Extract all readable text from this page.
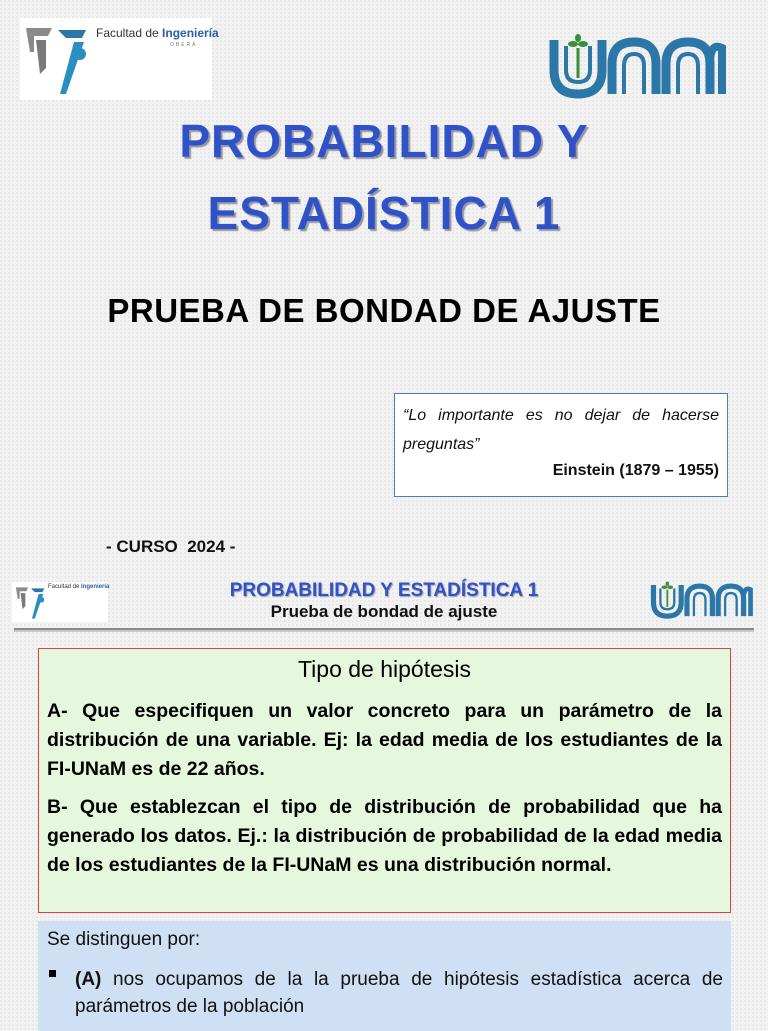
Facultad de Ingeniería
OBERÁ
PROBABILIDAD Y
ESTADÍSTICA 1
PRUEBA DE BONDAD DE AJUSTE
“Lo importante es no dejar de hacerse preguntas”
Einstein (1879 – 1955)
- CURSO  2024 -
Facultad de Ingeniería	PROBABILIDAD Y ESTADÍSTICA 1
Prueba de bondad de ajuste
Tipo de hipótesis
A- Que especifiquen un valor concreto para un parámetro de la distribución de una variable. Ej: la edad media de los estudiantes de la FI-UNaM es de 22 años.
B- Que establezcan el tipo de distribución de probabilidad que ha generado los datos. Ej.: la distribución de probabilidad de la edad media de los estudiantes de la FI-UNaM es una distribución normal.
Se distinguen por:
(A) nos ocupamos de la la prueba de hipótesis estadística acerca de parámetros de la población
